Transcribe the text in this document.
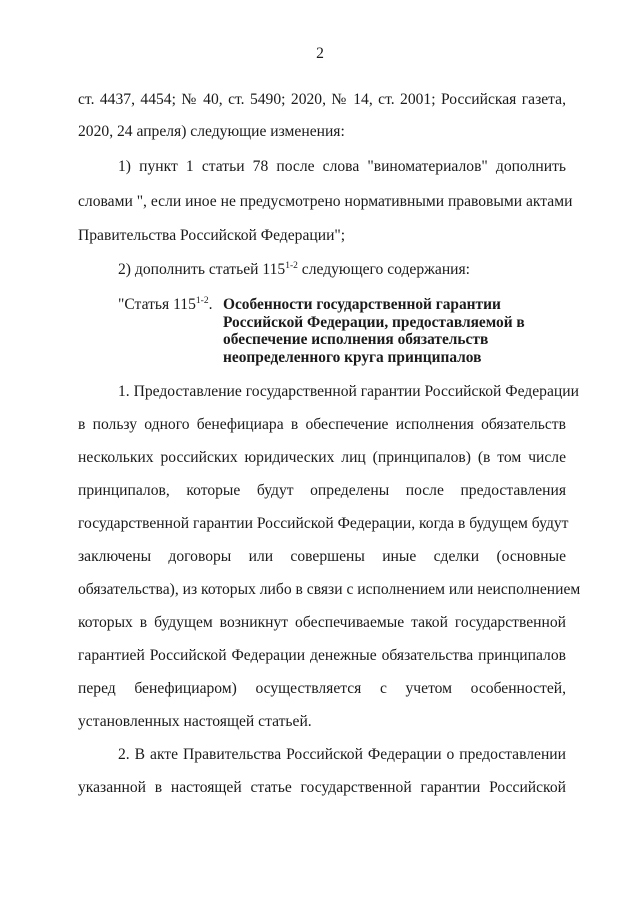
2
ст. 4437, 4454; № 40, ст. 5490; 2020, № 14, ст. 2001; Российская газета,
2020, 24 апреля) следующие изменения:
1) пункт 1 статьи 78 после слова "виноматериалов" дополнить
словами ", если иное не предусмотрено нормативными правовыми актами
Правительства Российской Федерации";
2) дополнить статьей 115$^{1-2}$ следующего содержания:
"Статья 115$^{1-2}$. Особенности государственной гарантии
Российской Федерации, предоставляемой в
обеспечение исполнения обязательств
неопределенного круга принципалов
1. Предоставление государственной гарантии Российской Федерации
в пользу одного бенефициара в обеспечение исполнения обязательств
нескольких российских юридических лиц (принципалов) (в том числе
принципалов, которые будут определены после предоставления
государственной гарантии Российской Федерации, когда в будущем будут
заключены договоры или совершены иные сделки (основные
обязательства), из которых либо в связи с исполнением или неисполнением
которых в будущем возникнут обеспечиваемые такой государственной
гарантией Российской Федерации денежные обязательства принципалов
перед бенефициаром) осуществляется с учетом особенностей,
установленных настоящей статьей.
2. В акте Правительства Российской Федерации о предоставлении
указанной в настоящей статье государственной гарантии Российской
